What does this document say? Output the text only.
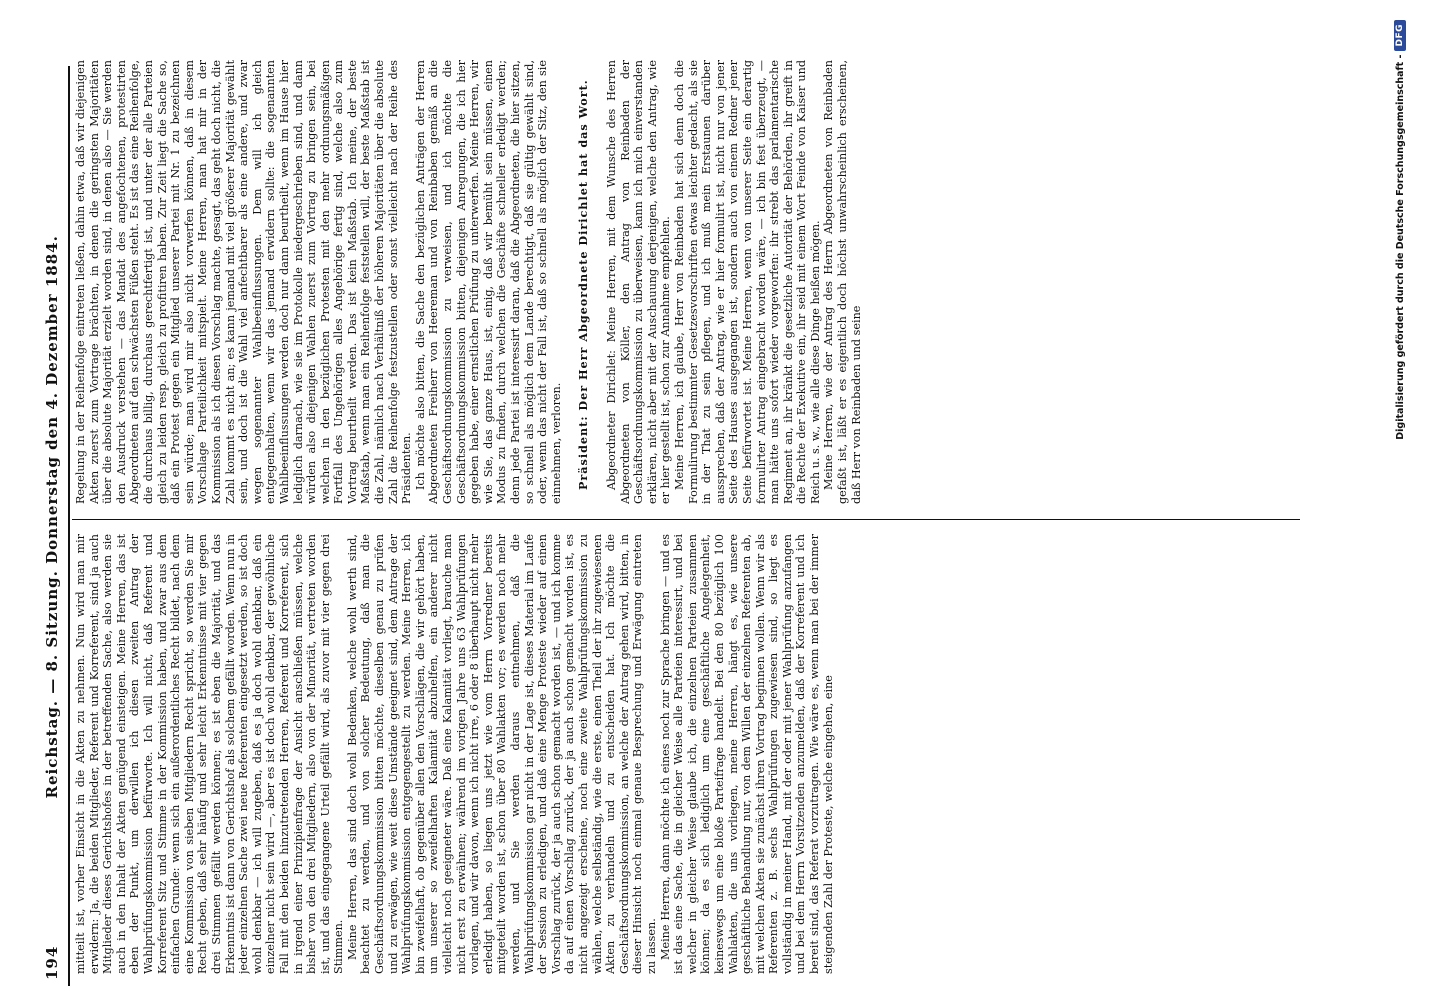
194
Reichstag. — 8. Sitzung. Donnerstag den 4. Dezember 1884. mitteilt ist, vorher Einsicht in die Akten zu nehmen. Nun wird man mir erwidern: Ja, die beiden Mitglieder, Referent und Korreferent, sind ja auch Mitglieder dieses Gerichtshofes in der betreffenden Sache, also werden sie auch in den Inhalt der Akten genügend einsteigen. Meine Herren, das ist eben der Punkt, um derwillen ich diesen zweiten Antrag der Wahlprüfungskommission befürworte. Ich will nicht, daß Referent und Korreferent Sitz und Stimme in der Kommission haben, und zwar aus dem einfachen Grunde: wenn sich ein außerordentliches Recht bildet, nach dem eine Kommission von sieben Mitgliedern Recht spricht, so werden Sie mir Recht geben, daß sehr häufig und sehr leicht Erkenntnisse mit vier gegen drei Stimmen gefällt werden können; es ist eben die Majorität, und das Erkenntnis ist dann von Gerichtshof als solchem gefällt worden. Wenn nun in jeder einzelnen Sache zwei neue Referenten eingesetzt werden, so ist doch wohl denkbar — ich will zugeben, daß es ja doch wohl denkbar, daß ein einzelner nicht sein wird —, aber es ist doch wohl denkbar, der gewöhnliche Fall mit den beiden hinzutretenden Herren, Referent und Korreferent, sich in irgend einer Prinzipienfrage der Ansicht anschließen müssen, welche bisher von den drei Mitgliedern, also von der Minorität, vertreten worden ist, und das eingegangene Urteil gefällt wird, als zuvor mit vier gegen drei Stimmen. Meine Herren, das sind doch wohl Bedenken, welche wohl werth sind, beachtet zu werden, und von solcher Bedeutung, daß man die Geschäftsordnungskommission bitten möchte, dieselben genau zu prüfen und zu erwägen, wie weit diese Umstände geeignet sind, dem Antrage der Wahlprüfungskommission entgegengestellt zu werden. Meine Herren, ich bin zweifelhaft, ob gegenüber allen den Vorschlägen, die wir gehört haben, um unserer so zweifelhaften Kalamität abzuhelfen, ein anderer nicht vielleicht noch geeigneter wäre. Daß eine Kalamität vorliegt, brauche man nicht erst zu erwähnen; während im vorigen Jahre uns 63 Wahlprüfungen vorlagen, und wir davon, wenn ich nicht irre, 6 oder 8 überhaupt nicht mehr erledigt haben, so liegen uns jetzt wie vom Herrn Vorredner bereits mitgeteilt worden ist, schon über 80 Wahlakten vor; es werden noch mehr werden, und Sie werden daraus entnehmen, daß die Wahlprüfungskommission gar nicht in der Lage ist, dieses Material im Laufe der Session zu erledigen, und daß eine Menge Proteste wieder auf einen Vorschlag zurück, der ja auch schon gemacht worden ist, — und ich komme da auf einen Vorschlag zurück, der ja auch schon gemacht worden ist, es nicht angezeigt erscheine, noch eine zweite Wahlprüfungskommission zu wählen, welche selbständig, wie die erste, einen Theil der ihr zugewiesenen Akten zu verhandeln und zu entscheiden hat. Ich möchte die Geschäftsordnungskommission, an welche der Antrag gehen wird, bitten, in dieser Hinsicht noch einmal genaue Besprechung und Erwägung eintreten zu lassen. Meine Herren, dann möchte ich eines noch zur Sprache bringen — und es ist das eine Sache, die in gleicher Weise alle Parteien interessirt, und bei welcher in gleicher Weise glaube ich, die einzelnen Parteien zusammen können; da es sich lediglich um eine geschäftliche Angelegenheit, keineswegs um eine bloße Parteifrage handelt. Bei den 80 bezüglich 100 Wahlakten, die uns vorliegen, meine Herren, hängt es, wie unsere geschäftliche Behandlung nur, von dem Willen der einzelnen Referenten ab, mit welchen Akten sie zunächst ihren Vortrag beginnen wollen. Wenn wir als Referenten z. B. sechs Wahlprüfungen zugewiesen sind, so liegt es vollständig in meiner Hand, mit der oder mit jener Wahlprüfung anzufangen und bei dem Herrn Vorsitzenden anzumelden, daß der Korreferent und ich bereit sind, das Referat vorzutragen. Wie wäre es, wenn man bei der immer steigenden Zahl der Proteste, welche eingehen, eine

Regelung in der Reihenfolge eintreten ließen, dahin etwa, daß wir diejenigen Akten zuerst zum Vortrage brächten, in denen die geringsten Majoritäten über die absolute Majorität erzielt worden sind, in denen also — Sie werden den Ausdruck verstehen — das Mandat des angefochtenen, protestirten Abgeordneten auf den schwächsten Füßen steht. Es ist das eine Reihenfolge, die durchaus billig, durchaus gerechtfertigt ist, und unter der alle Parteien gleich zu leiden resp. gleich zu profitiren haben. Zur Zeit liegt die Sache so, daß ein Protest gegen ein Mitglied unserer Partei mit Nr. 1 zu bezeichnen sein würde; man wird mir also nicht vorwerfen können, daß in diesem Vorschlage Parteilichkeit mitspielt. Meine Herren, man hat mir in der Kommission als ich diesen Vorschlag machte, gesagt, das geht doch nicht, die Zahl kommt es nicht an; es kann jemand mit viel größerer Majorität gewählt sein, und doch ist die Wahl viel anfechtbarer als eine andere, und zwar wegen sogenannter Wahlbeeinflussungen. Dem will ich gleich entgegenhalten, wenn wir das jemand erwidern sollte: die sogenannten Wahlbeeinflussungen werden doch nur dann beurtheilt, wenn im Hause hier lediglich darnach, wie sie im Protokolle niedergeschrieben sind, und dann würden also diejenigen Wahlen zuerst zum Vortrag zu bringen sein, bei welchen in den bezüglichen Protesten mit den mehr ordnungsmäßigen Fortfall des Ungehörigen alles Angehörige fertig sind, welche also zum Vortrag beurtheilt werden. Das ist kein Maßstab. Ich meine, der beste Maßstab, wenn man ein Reihenfolge feststellen will, der beste Maßstab ist die Zahl, nämlich nach Verhältniß der höheren Majoritäten über die absolute Zahl die Reihenfolge festzustellen oder sonst vielleicht nach der Reihe des Präsidenten. Ich möchte also bitten, die Sache den bezüglichen Anträgen der Herren Abgeordneten Freiherr von Heereman und von Reinbaben gemäß an die Geschäftsordnungskommission zu verweisen, und ich möchte die Geschäftsordnungskommission bitten, diejenigen Anregungen, die ich hier gegeben habe, einer ernstlichen Prüfung zu unterwerfen. Meine Herren, wir wie Sie, das ganze Haus, ist, einig, daß wir bemüht sein müssen, einen Modus zu finden, durch welchen die Geschäfte schneller erledigt werden; denn jede Partei ist interessirt daran, daß die Abgeordneten, die hier sitzen, so schnell als möglich dem Lande berechtigt, daß sie gültig gewählt sind, oder, wenn das nicht der Fall ist, daß so schnell als möglich der Sitz, den sie einnehmen, verloren. Präsident: Der Herr Abgeordnete Dirichlet hat das Wort. Abgeordneter Dirichlet: Meine Herren, mit dem Wunsche des Herren Abgeordneten von Köller, den Antrag von Reinbaden der Geschäftsordnungskommission zu überweisen, kann ich mich einverstanden erklären, nicht aber mit der Auschauung derjenigen, welche den Antrag, wie er hier gestellt ist, schon zur Annahme empfehlen. Meine Herren, ich glaube, Herr von Reinbaden hat sich denn doch die Formulirung bestimmter Gesetzesvorschriften etwas leichter gedacht, als sie in der That zu sein pflegen, und ich muß mein Erstaunen darüber aussprechen, daß der Antrag, wie er hier formulirt ist, nicht nur von jener Seite des Hauses ausgegangen ist, sondern auch von einem Redner jener Seite befürwortet ist. Meine Herren, wenn von unserer Seite ein derartig formulirter Antrag eingebracht worden wäre, — ich bin fest überzeugt, — man hätte uns sofort wieder vorgeworfen: ihr strebt das parlamentarische Regiment an, ihr kränkt die gesetzliche Autorität der Behörden, ihr greift in die Rechte der Exekutive ein, ihr seid mit einem Wort Feinde von Kaiser und Reich u. s. w., wie alle diese Dinge heißen mögen. Meine Herren, wie der Antrag des Herrn Abgeordneten von Reinbaden gefaßt ist, läßt er es eigentlich doch höchst unwahrscheinlich erscheinen, daß Herr von Reinbaden und seine	Digitalisierung gefördert durch die Deutsche Forschungsgemeinschaft -
DFG
